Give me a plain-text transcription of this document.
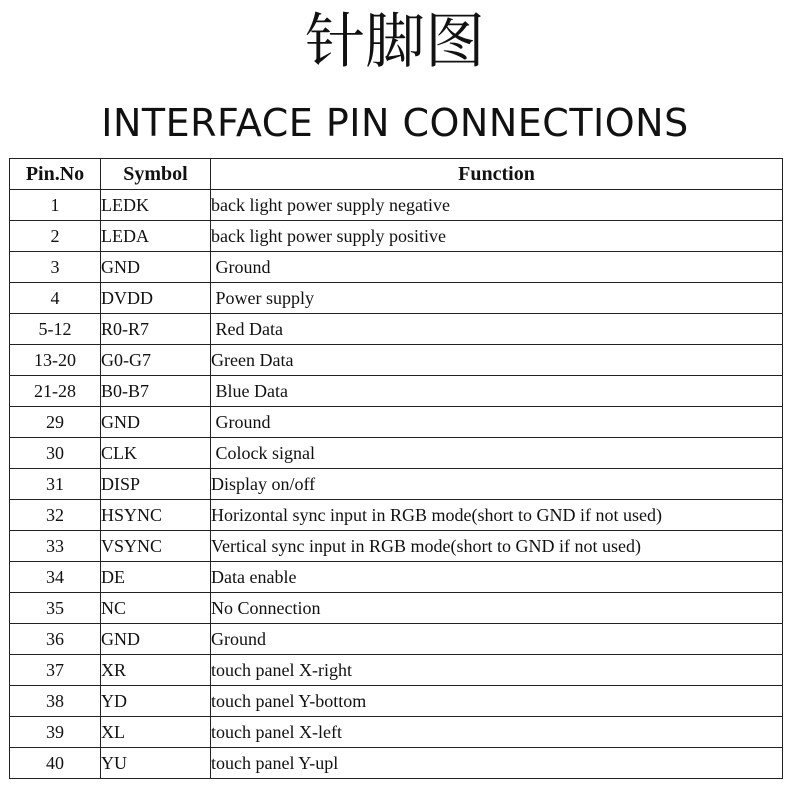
针脚图
INTERFACE PIN CONNECTIONS
Pin.No	Symbol	Function
1	LEDK	back light power supply negative
2	LEDA	back light power supply positive
3	GND	Ground
4	DVDD	Power supply
5-12	R0-R7	Red Data
13-20	G0-G7	Green Data
21-28	B0-B7	Blue Data
29	GND	Ground
30	CLK	Colock signal
31	DISP	Display on/off
32	HSYNC	Horizontal sync input in RGB mode(short to GND if not used)
33	VSYNC	Vertical sync input in RGB mode(short to GND if not used)
34	DE	Data enable
35	NC	No Connection
36	GND	Ground
37	XR	touch panel X-right
38	YD	touch panel Y-bottom
39	XL	touch panel X-left
40	YU	touch panel Y-upl
